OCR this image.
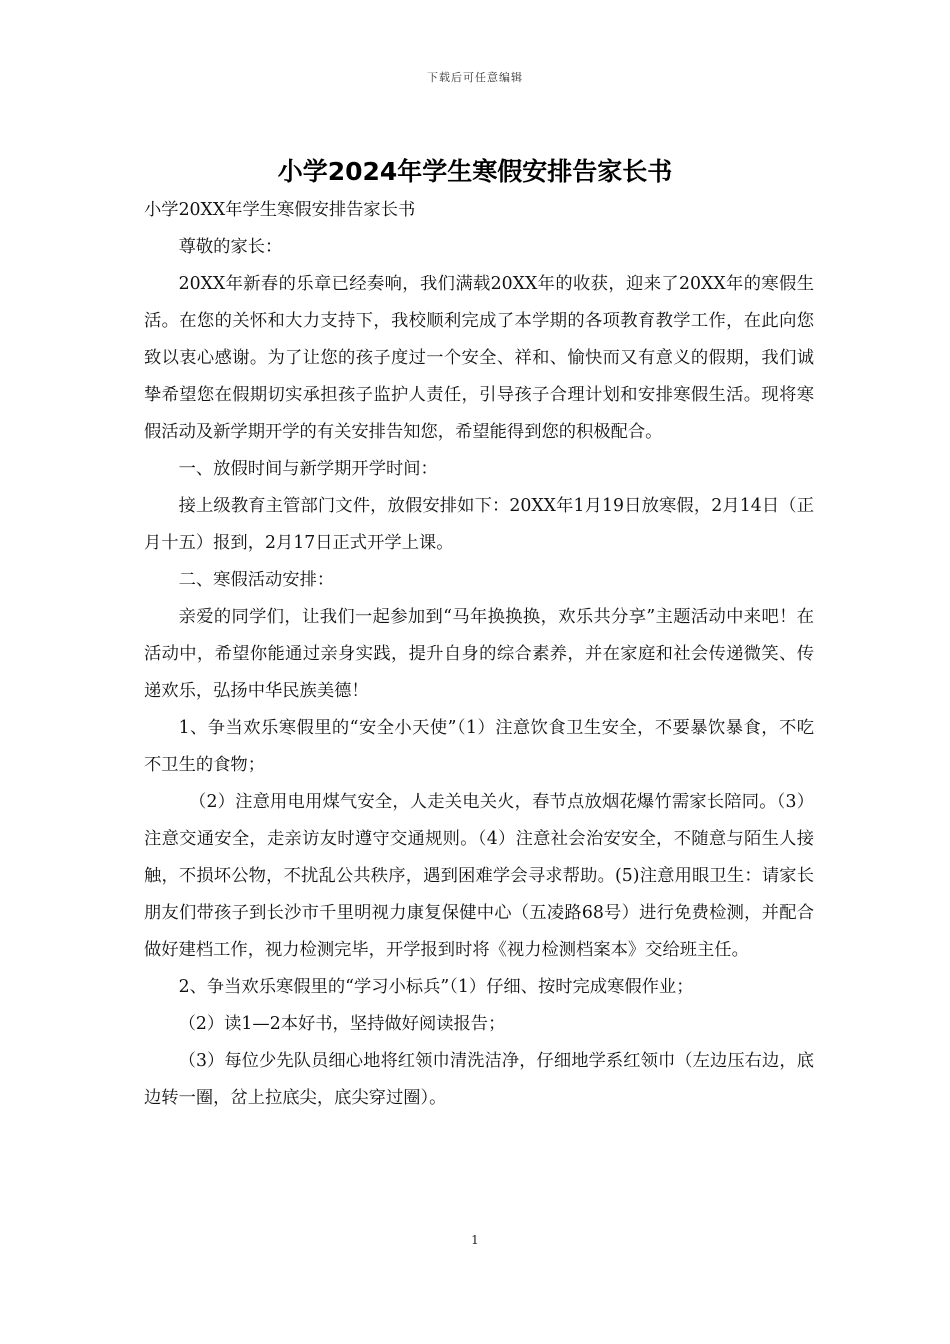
下载后可任意编辑
小学2024年学生寒假安排告家长书

小学20XX年学生寒假安排告家长书

尊敬的家长：

20XX年新春的乐章已经奏响，我们满载20XX年的收获，迎来了20XX年的寒假生活。在您的关怀和大力支持下，我校顺利完成了本学期的各项教育教学工作，在此向您致以衷心感谢。为了让您的孩子度过一个安全、祥和、愉快而又有意义的假期，我们诚挚希望您在假期切实承担孩子监护人责任，引导孩子合理计划和安排寒假生活。现将寒假活动及新学期开学的有关安排告知您，希望能得到您的积极配合。

一、放假时间与新学期开学时间：

接上级教育主管部门文件，放假安排如下：20XX年1月19日放寒假，2月14日（正月十五）报到，2月17日正式开学上课。

二、寒假活动安排：

亲爱的同学们，让我们一起参加到“马年换换换，欢乐共分享”主题活动中来吧！在活动中，希望你能通过亲身实践，提升自身的综合素养，并在家庭和社会传递微笑、传递欢乐，弘扬中华民族美德！

1、争当欢乐寒假里的“安全小天使”（1）注意饮食卫生安全，不要暴饮暴食，不吃不卫生的食物；

（2）注意用电用煤气安全，人走关电关火，春节点放烟花爆竹需家长陪同。（3）注意交通安全，走亲访友时遵守交通规则。（4）注意社会治安安全，不随意与陌生人接触，不损坏公物，不扰乱公共秩序，遇到困难学会寻求帮助。(5)注意用眼卫生：请家长朋友们带孩子到长沙市千里明视力康复保健中心（五凌路68号）进行免费检测，并配合做好建档工作，视力检测完毕，开学报到时将《视力检测档案本》交给班主任。

2、争当欢乐寒假里的“学习小标兵”（1）仔细、按时完成寒假作业；

（2）读1—2本好书，坚持做好阅读报告；

（3）每位少先队员细心地将红领巾清洗洁净，仔细地学系红领巾（左边压右边，底边转一圈，岔上拉底尖，底尖穿过圈）。

1
